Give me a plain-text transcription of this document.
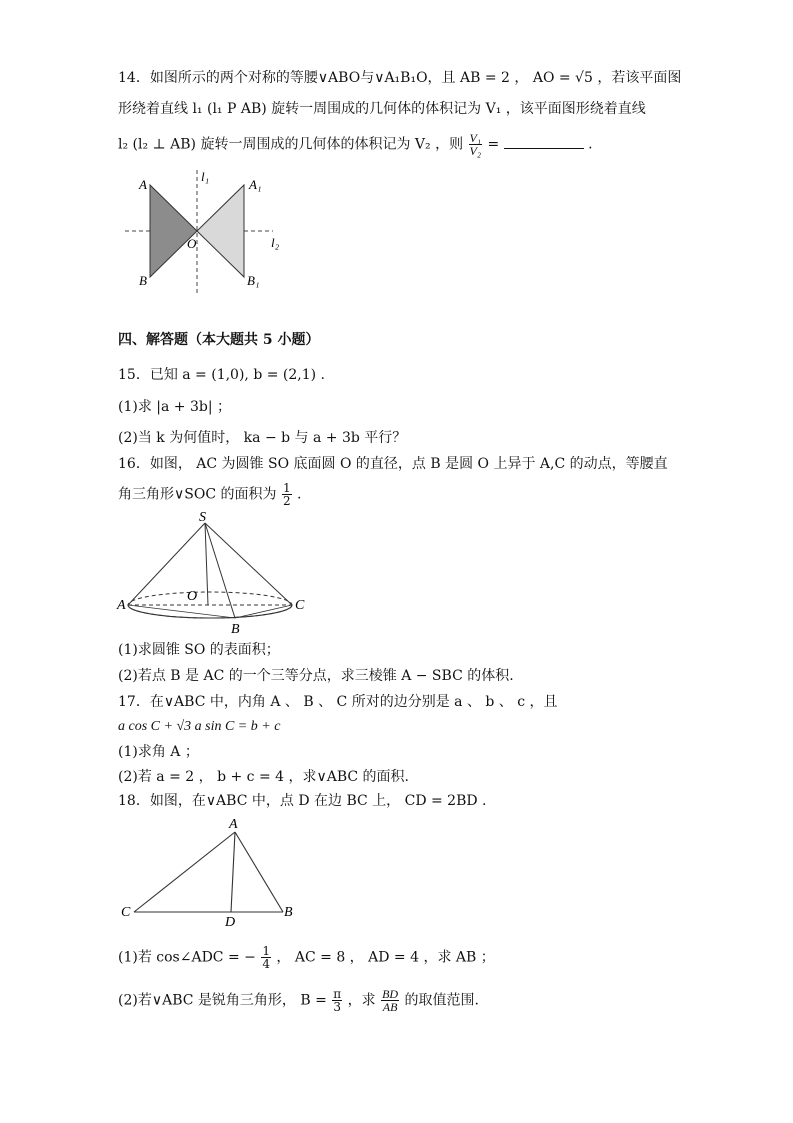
14．如图所示的两个对称的等腰∨ABO与∨A₁B₁O，且 AB = 2 ， AO = √5 ，若该平面图
形绕着直线 l₁ (l₁ P AB) 旋转一周围成的几何体的体积记为 V₁ ，该平面图形绕着直线
l₂ (l₂ ⊥ AB) 旋转一周围成的几何体的体积记为 V₂ ，则 $\frac{\text{V₁}}{\text{V₂}}$ =	.
A	A₁
B	B₁
O
l₁
l₂
四、解答题（本大题共 5 小题）
15．已知 a = (1,0), b = (2,1) .
(1)求 |a + 3b| ；
(2)当 k 为何值时， ka − b 与 a + 3b 平行？
16．如图， AC 为圆锥 SO 底面圆 O 的直径，点 B 是圆 O 上异于 A,C 的动点，等腰直
角三角形∨SOC 的面积为 $\frac{1}{2}$ .
S
A	C
O
B
(1)求圆锥 SO 的表面积；
(2)若点 B 是 AC 的一个三等分点，求三棱锥 A − SBC 的体积.
17．在∨ABC 中，内角 A 、 B 、 C 所对的边分别是 a 、 b 、 c ，且
a cos C + √3 a sin C = b + c
(1)求角 A ；
(2)若 a = 2 ， b + c = 4 ，求∨ABC 的面积.
18．如图，在∨ABC 中，点 D 在边 BC 上， CD = 2BD .
A
C	B
D
(1)若 cos∠ADC = − $\frac{1}{4}$ ， AC = 8 ， AD = 4 ，求 AB ；
(2)若∨ABC 是锐角三角形， $B = \frac{\pi}{3}$ ，求 $\frac{BD}{AB}$ 的取值范围.
